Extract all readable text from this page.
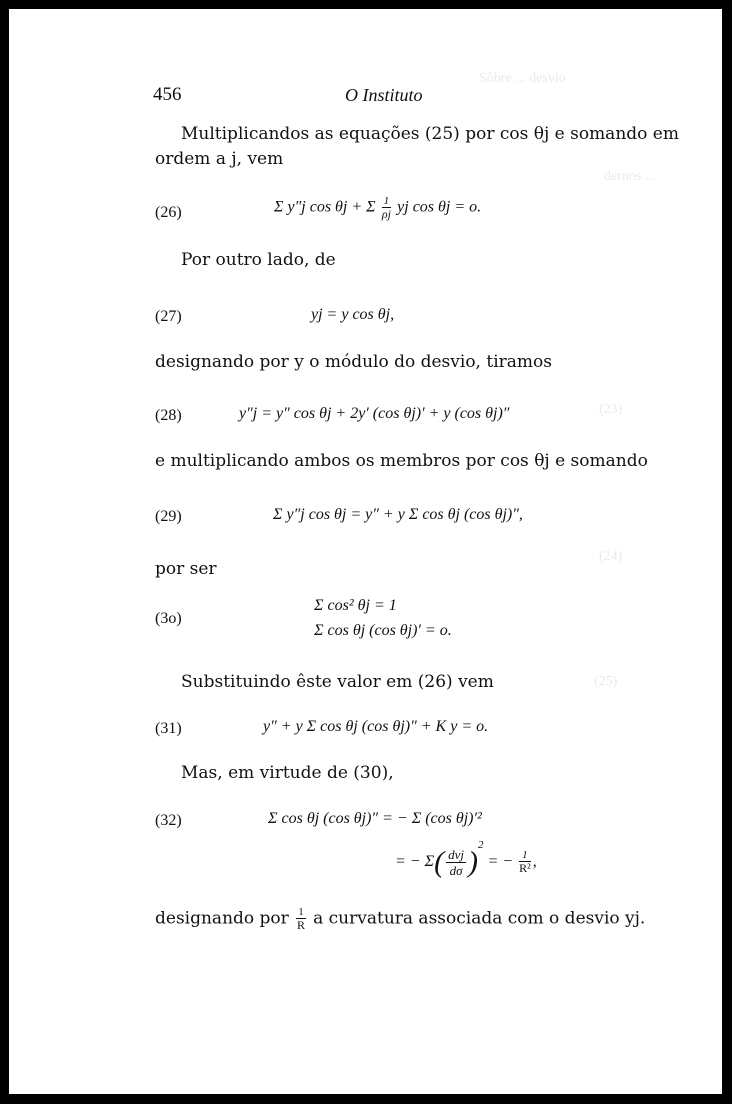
Sôbre ... desvio
dernos ...
(23)
(24)
(25)
456	O Instituto
Multiplicandos as equações (25) por cos θj e somando em
ordem a j, vem
(26)	Σ y″j cos θj + Σ $\frac{1}{\rho j}$ yj cos θj = o.
Por outro lado, de
(27)	yj = y cos θj,
designando por y o módulo do desvio, tiramos
(28)	y″j = y″ cos θj + 2y′ (cos θj)′ + y (cos θj)″
e multiplicando ambos os membros por cos θj e somando
(29)	Σ y″j cos θj = y″ + y Σ cos θj (cos θj)″,
por ser
(3o)
Σ cos² θj = 1
Σ cos θj (cos θj)′ = o.
Substituindo êste valor em (26) vem
(31)	y″ + y Σ cos θj (cos θj)″ + K y = o.
Mas, em virtude de (30),
(32)	Σ cos θj (cos θj)″ = − Σ (cos θj)′²
= − $\Sigma( \frac{\text{dvj}}{d\sigma} )^2$ = − $\frac{1}{\text{R²}}$ ,
designando por $\frac{1}{R}$ a curvatura associada com o desvio yj.
